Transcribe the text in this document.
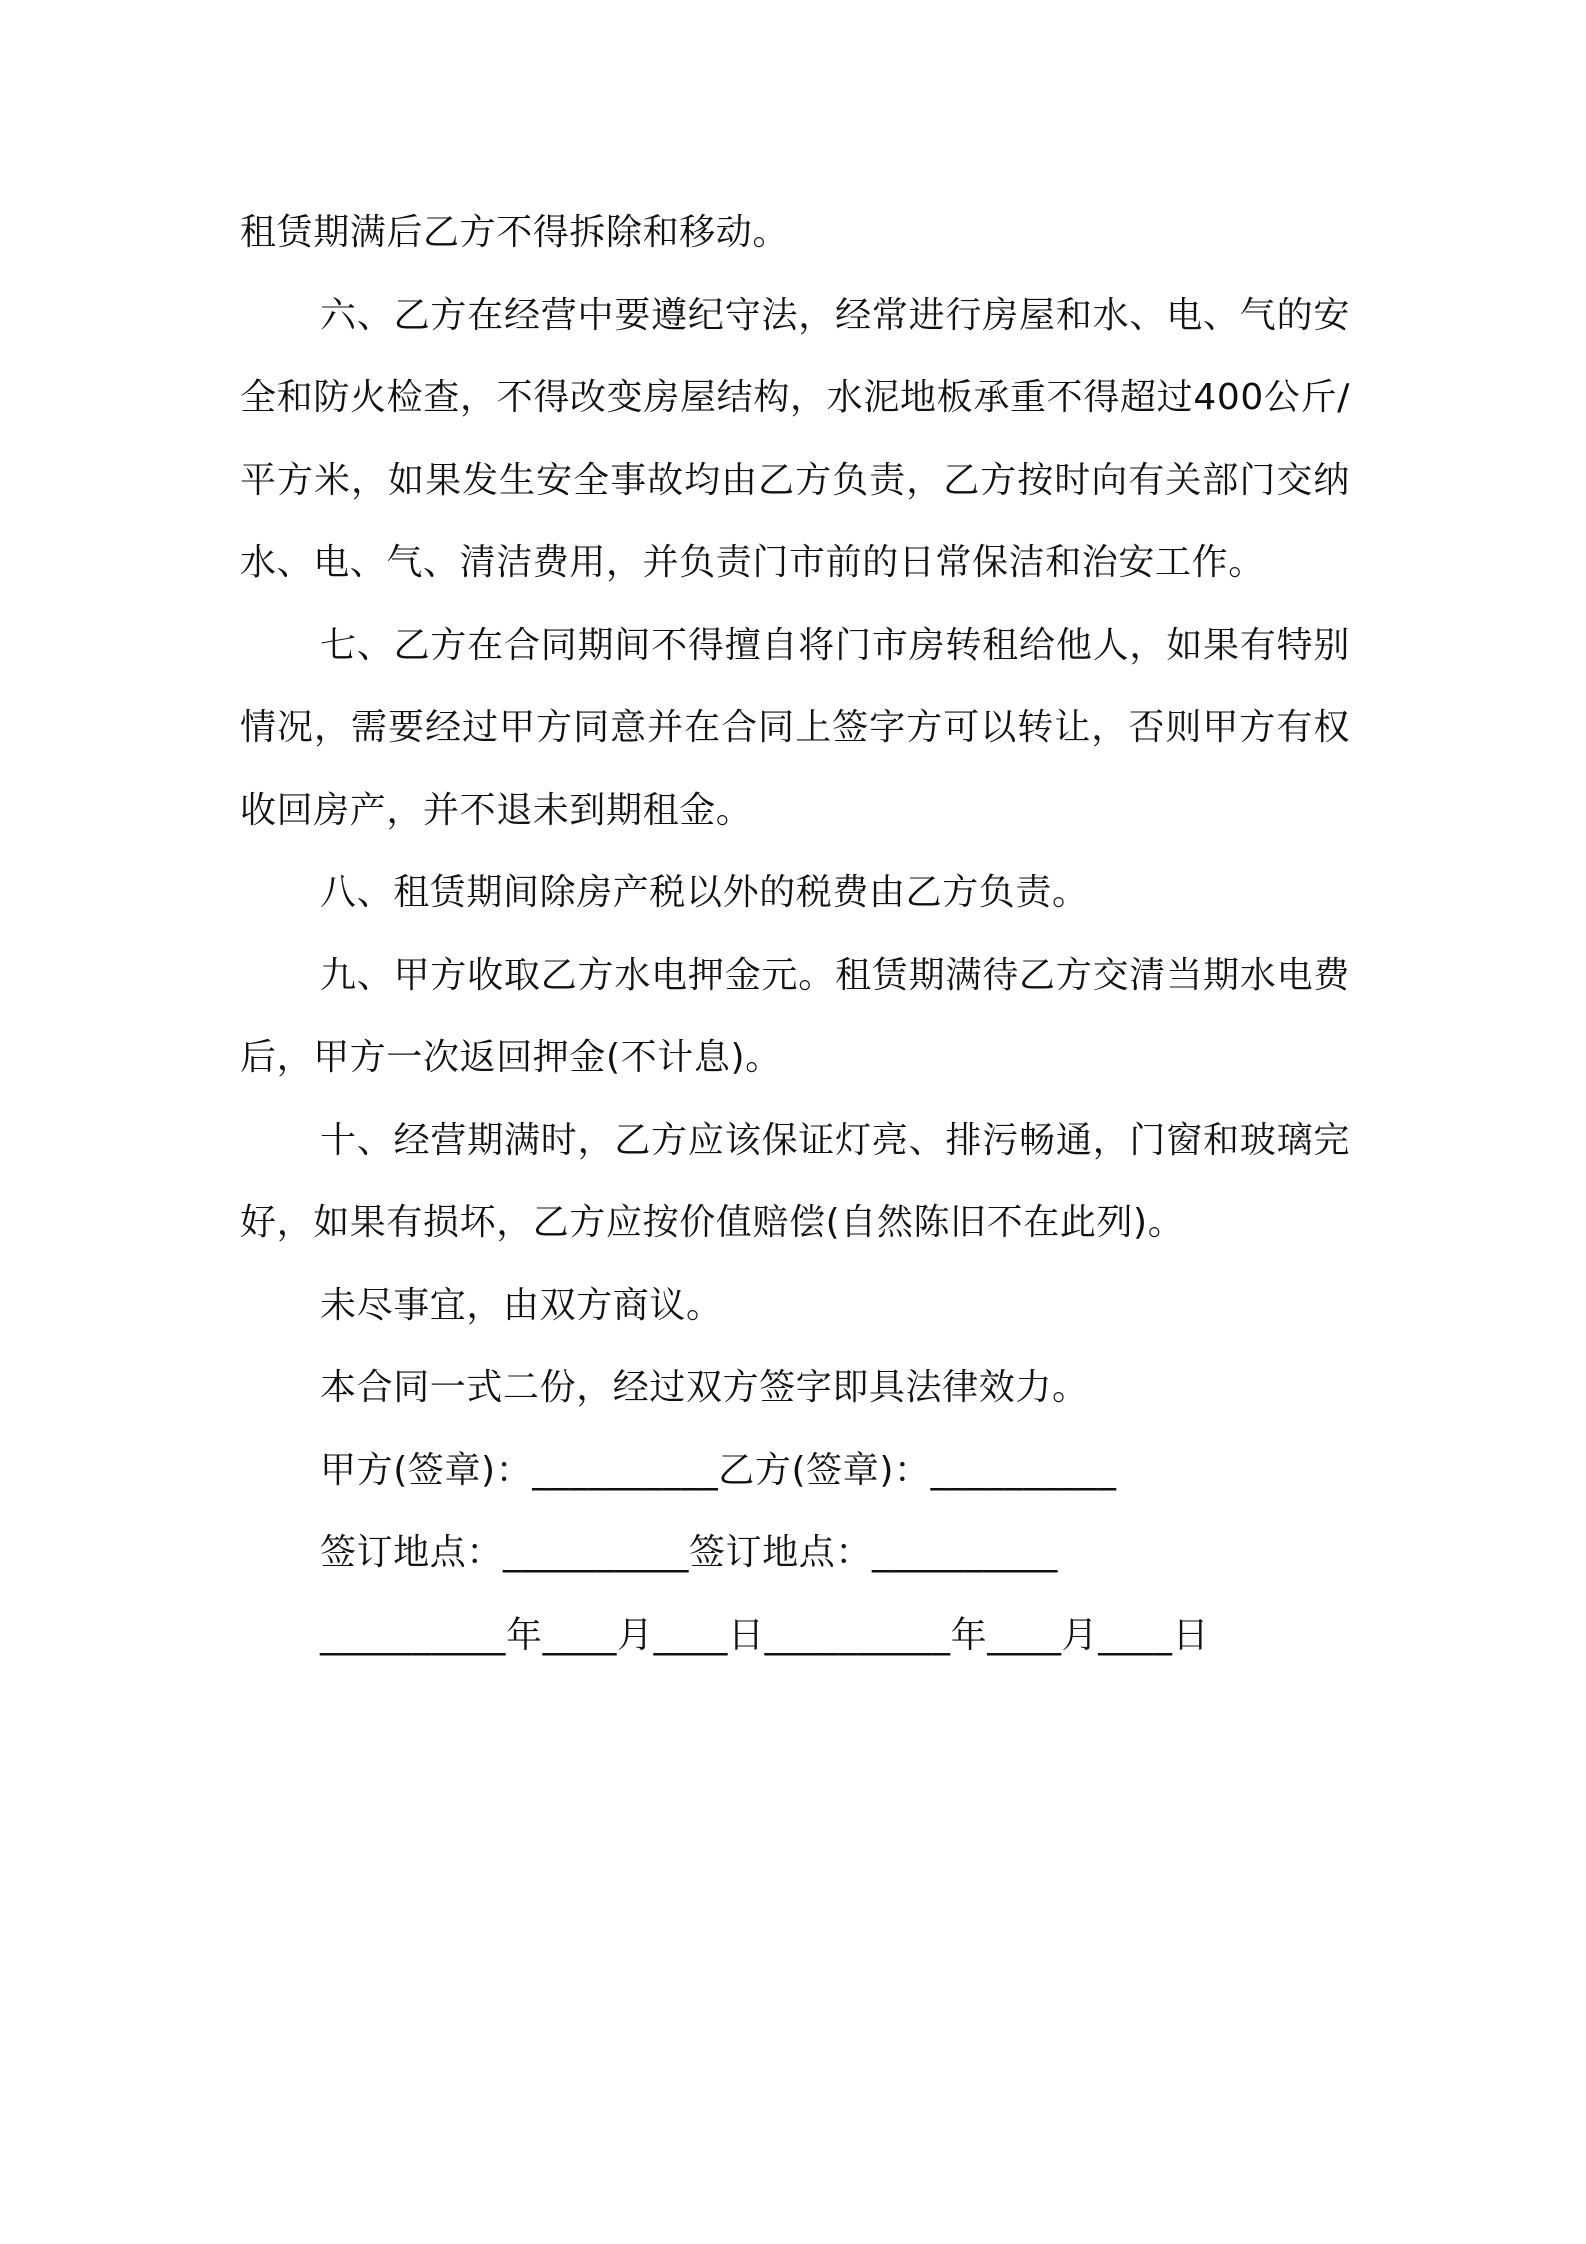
租赁期满后乙方不得拆除和移动。

六、乙方在经营中要遵纪守法，经常进行房屋和水、电、气的安全和防火检查，不得改变房屋结构，水泥地板承重不得超过400公斤/平方米，如果发生安全事故均由乙方负责，乙方按时向有关部门交纳水、电、气、清洁费用，并负责门市前的日常保洁和治安工作。

七、乙方在合同期间不得擅自将门市房转租给他人，如果有特别情况，需要经过甲方同意并在合同上签字方可以转让，否则甲方有权收回房产，并不退未到期租金。

八、租赁期间除房产税以外的税费由乙方负责。

九、甲方收取乙方水电押金元。租赁期满待乙方交清当期水电费后，甲方一次返回押金(不计息)。

十、经营期满时，乙方应该保证灯亮、排污畅通，门窗和玻璃完好，如果有损坏，乙方应按价值赔偿(自然陈旧不在此列)。

未尽事宜，由双方商议。

本合同一式二份，经过双方签字即具法律效力。

甲方(签章)：__________乙方(签章)：__________

签订地点：__________签订地点：__________

__________年____月____日__________年____月____日
